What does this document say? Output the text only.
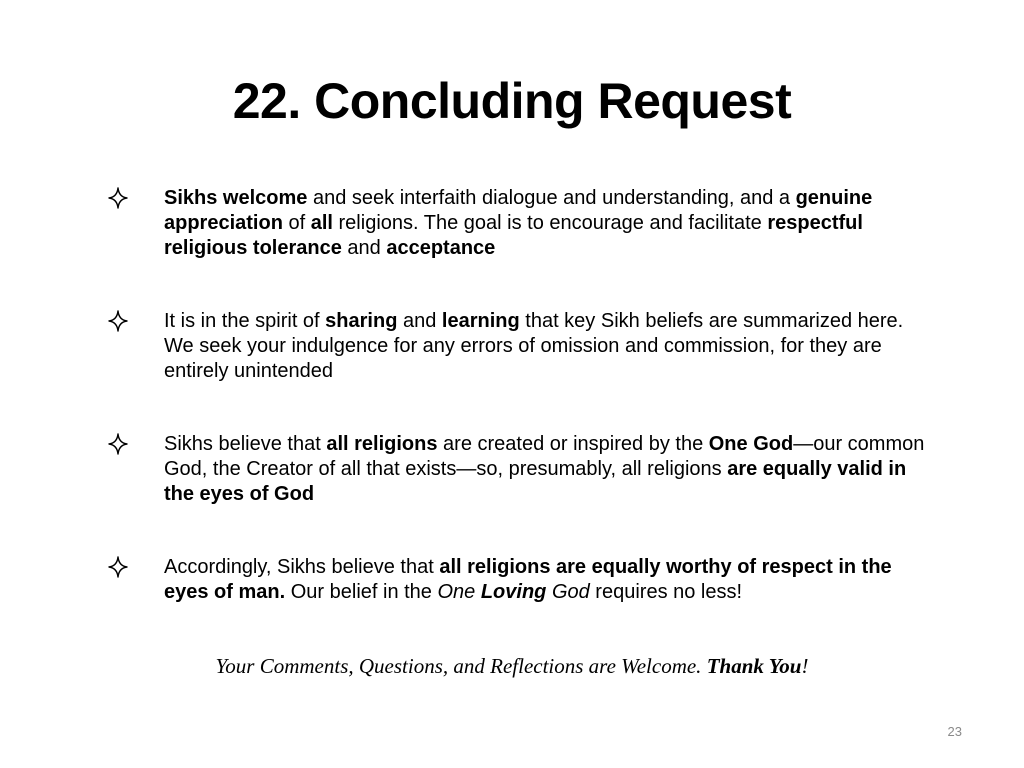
22. Concluding Request
Sikhs welcome and seek interfaith dialogue and understanding, and a genuine appreciation of all religions. The goal is to encourage and facilitate respectful religious tolerance and acceptance
It is in the spirit of sharing and learning that key Sikh beliefs are summarized here. We seek your indulgence for any errors of omission and commission, for they are entirely unintended
Sikhs believe that all religions are created or inspired by the One God—our common God, the Creator of all that exists—so, presumably, all religions are equally valid in the eyes of God
Accordingly, Sikhs believe that all religions are equally worthy of respect in the eyes of man. Our belief in the One Loving God requires no less!
Your Comments, Questions, and Reflections are Welcome. Thank You!
23
